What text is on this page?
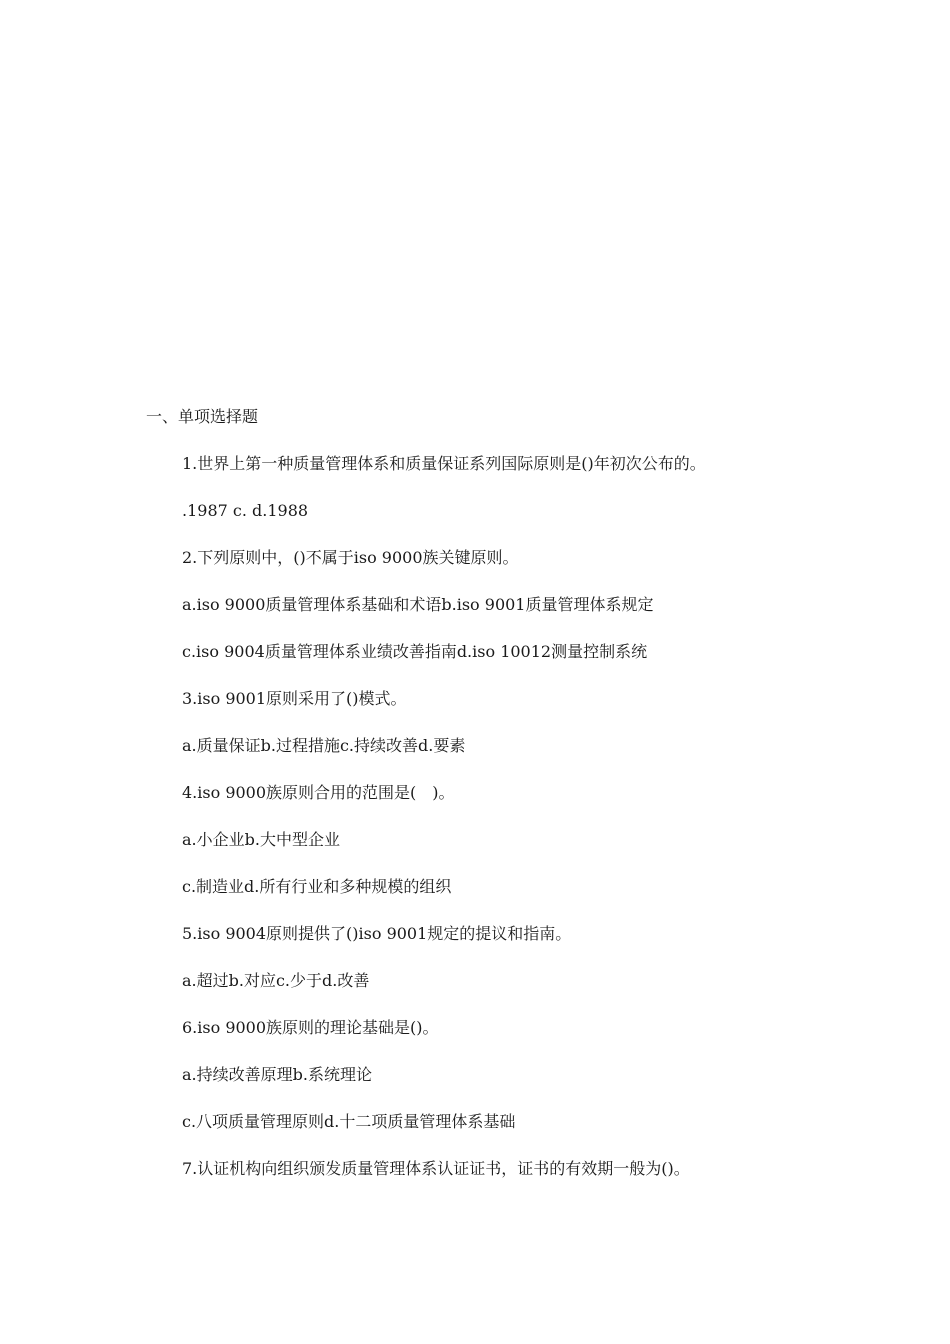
一、单项选择题
1.世界上第一种质量管理体系和质量保证系列国际原则是()年初次公布的。
.1987 c. d.1988
2.下列原则中，()不属于iso 9000族关键原则。
a.iso 9000质量管理体系基础和术语b.iso 9001质量管理体系规定
c.iso 9004质量管理体系业绩改善指南d.iso 10012测量控制系统
3.iso 9001原则采用了()模式。
a.质量保证b.过程措施c.持续改善d.要素
4.iso 9000族原则合用的范围是(　)。
a.小企业b.大中型企业
c.制造业d.所有行业和多种规模的组织
5.iso 9004原则提供了()iso 9001规定的提议和指南。
a.超过b.对应c.少于d.改善
6.iso 9000族原则的理论基础是()。
a.持续改善原理b.系统理论
c.八项质量管理原则d.十二项质量管理体系基础
7.认证机构向组织颁发质量管理体系认证证书，证书的有效期一般为()。
